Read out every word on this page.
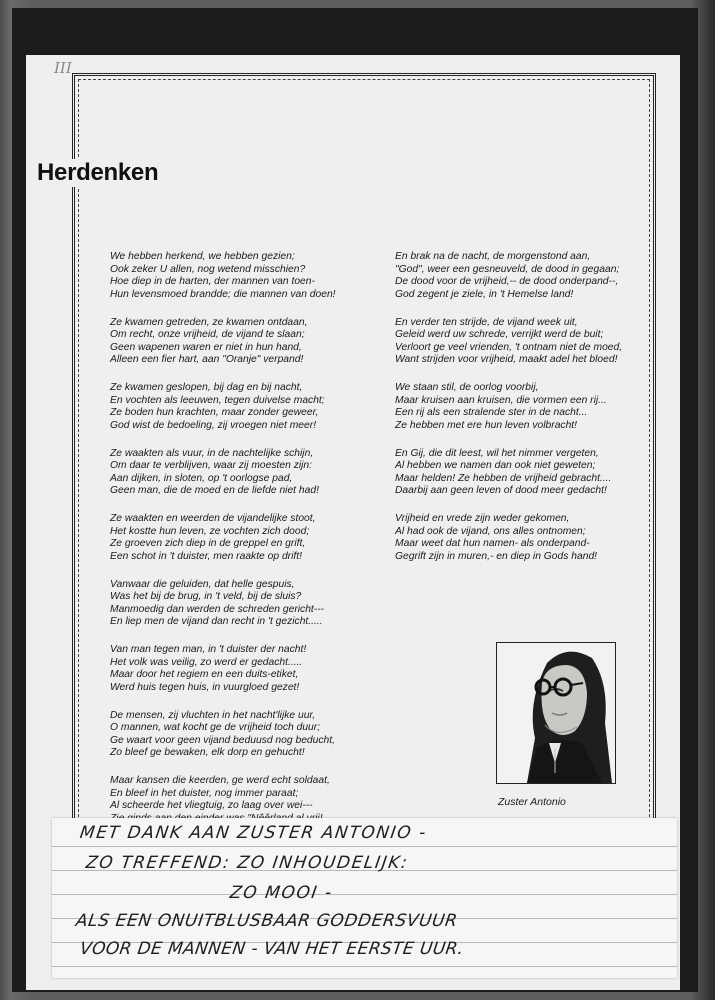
III
Herdenken
We hebben herkend, we hebben gezien;
Ook zeker U allen, nog wetend misschien?
Hoe diep in de harten, der mannen van toen-
Hun levensmoed brandde; die mannen van doen!
Ze kwamen getreden, ze kwamen ontdaan,
Om recht, onze vrijheid, de vijand te slaan;
Geen wapenen waren er niet in hun hand,
Alleen een fier hart, aan "Oranje" verpand!
Ze kwamen geslopen, bij dag en bij nacht,
En vochten als leeuwen, tegen duivelse macht;
Ze boden hun krachten, maar zonder geweer,
God wist de bedoeling, zij vroegen niet meer!
Ze waakten als vuur, in de nachtelijke schijn,
Om daar te verblijven, waar zij moesten zijn:
Aan dijken, in sloten, op 't oorlogse pad,
Geen man, die de moed en de liefde niet had!
Ze waakten en weerden de vijandelijke stoot,
Het kostte hun leven, ze vochten zich dood;
Ze groeven zich diep in de greppel en grift,
Een schot in 't duister, men raakte op drift!
Vanwaar die geluiden, dat helle gespuis,
Was het bij de brug, in 't veld, bij de sluis?
Manmoedig dan werden de schreden gericht---
En liep men de vijand dan recht in 't gezicht.....
Van man tegen man, in 't duister der nacht!
Het volk was veilig, zo werd er gedacht.....
Maar door het regiem en een duits-etiket,
Werd huis tegen huis, in vuurgloed gezet!
De mensen, zij vluchten in het nacht'lijke uur,
O mannen, wat kocht ge de vrijheid toch duur;
Ge waart voor geen vijand beduusd nog beducht,
Zo bleef ge bewaken, elk dorp en gehucht!
Maar kansen die keerden, ge werd echt soldaat,
En bleef in het duister, nog immer paraat;
Al scheerde het vliegtuig, zo laag over wei---
En brak na de nacht, de morgenstond aan,
"God", weer een gesneuveld, de dood in gegaan;
De dood voor de vrijheid,-- de dood onderpand--,
God zegent je ziele, in 't Hemelse land!
En verder ten strijde, de vijand week uit,
Geleid werd uw schrede, verrijkt werd de buit;
Verloort ge veel vrienden, 't ontnam niet de moed,
Want strijden voor vrijheid, maakt adel het bloed!
We staan stil, de oorlog voorbij,
Maar kruisen aan kruisen, die vormen een rij...
Een rij als een stralende ster in de nacht...
Ze hebben met ere hun leven volbracht!
En Gij, die dit leest, wil het nimmer vergeten,
Al hebben we namen dan ook niet geweten;
Maar helden! Ze hebben de vrijheid gebracht....
Daarbij aan geen leven of dood meer gedacht!
Vrijheid en vrede zijn weder gekomen,
Al had ook de vijand, ons alles ontnomen;
Maar weet dat hun namen- als onderpand-
Gegrift zijn in muren,- en diep in Gods hand!
Zuster Antonio
MET DANK AAN ZUSTER ANTONIO -
ZO TREFFEND: ZO INHOUDELIJK:
ZO MOOI -
ALS EEN ONUITBLUSBAAR GODDERSVUUR
VOOR DE MANNEN - VAN HET EERSTE UUR.
